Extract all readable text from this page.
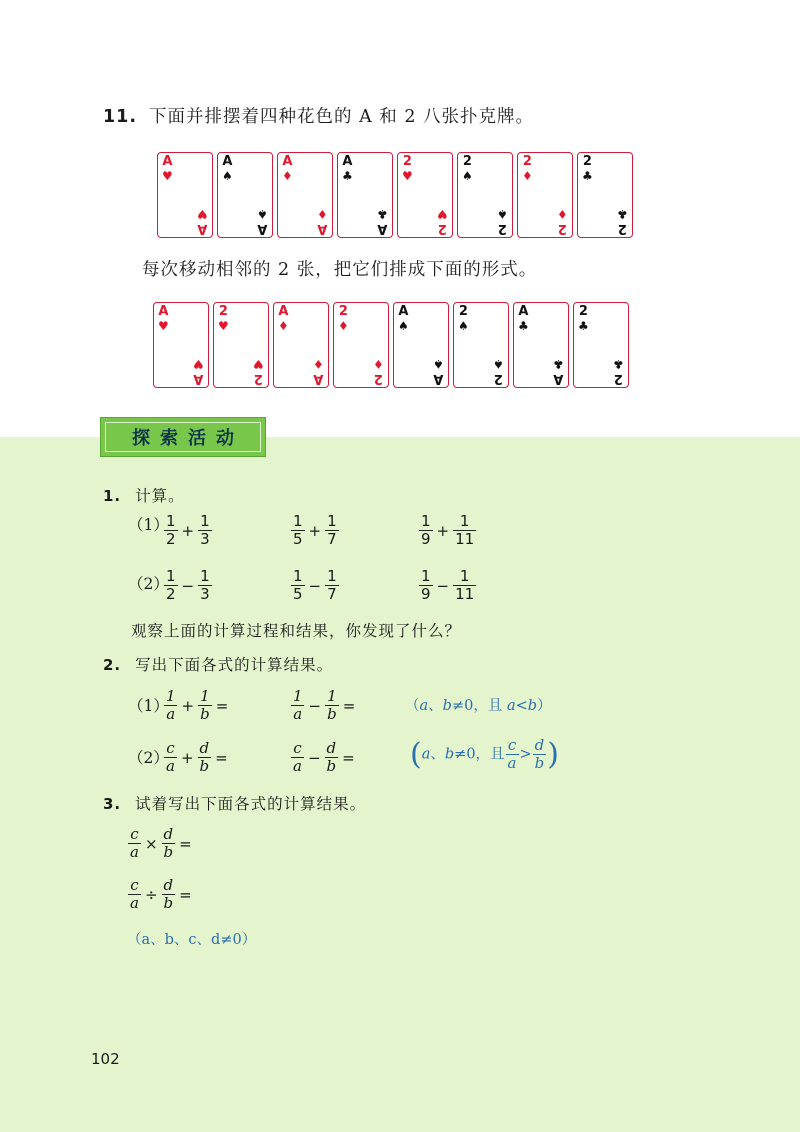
11. 下面并排摆着四种花色的 A 和 2 八张扑克牌。
A
♥
A
♥
A
♠
A
♠
A
♦
A
♦
A
♣
A
♣
2
♥
2
♥
2
♠
2
♠
2
♦
2
♦
2
♣
2
♣
每次移动相邻的 2 张，把它们排成下面的形式。
A
♥
A
♥
2
♥
2
♥
A
♦
A
♦
2
♦
2
♦
A
♠
A
♠
2
♠
2
♠
A
♣
A
♣
2
♣
2
♣
探索活动
1. 计算。
（1）
（2）
$\frac{1}{2} + \frac{1}{3}$	$\frac{1}{5} + \frac{1}{7}$	$\frac{1}{9} + \frac{1}{11}$
$\frac{1}{2} - \frac{1}{3}$	$\frac{1}{5} - \frac{1}{7}$	$\frac{1}{9} - \frac{1}{11}$
观察上面的计算过程和结果，你发现了什么？
2. 写出下面各式的计算结果。
（1）
（2）
$\frac{1}{a} + \frac{1}{b}$ =	$\frac{1}{a} - \frac{1}{b}$ =
$\frac{c}{a} + \frac{d}{b}$ =	$\frac{c}{a} - \frac{d}{b}$ =
（a、b≠0，且 a<b）
(a、b≠0，且 $\frac{c}{a} > \frac{d}{b}$ )
3. 试着写出下面各式的计算结果。
$\frac{c}{a} \times \frac{d}{b}$ =
$\frac{c}{a} \div \frac{d}{b}$ =
（a、b、c、d≠0）
102
